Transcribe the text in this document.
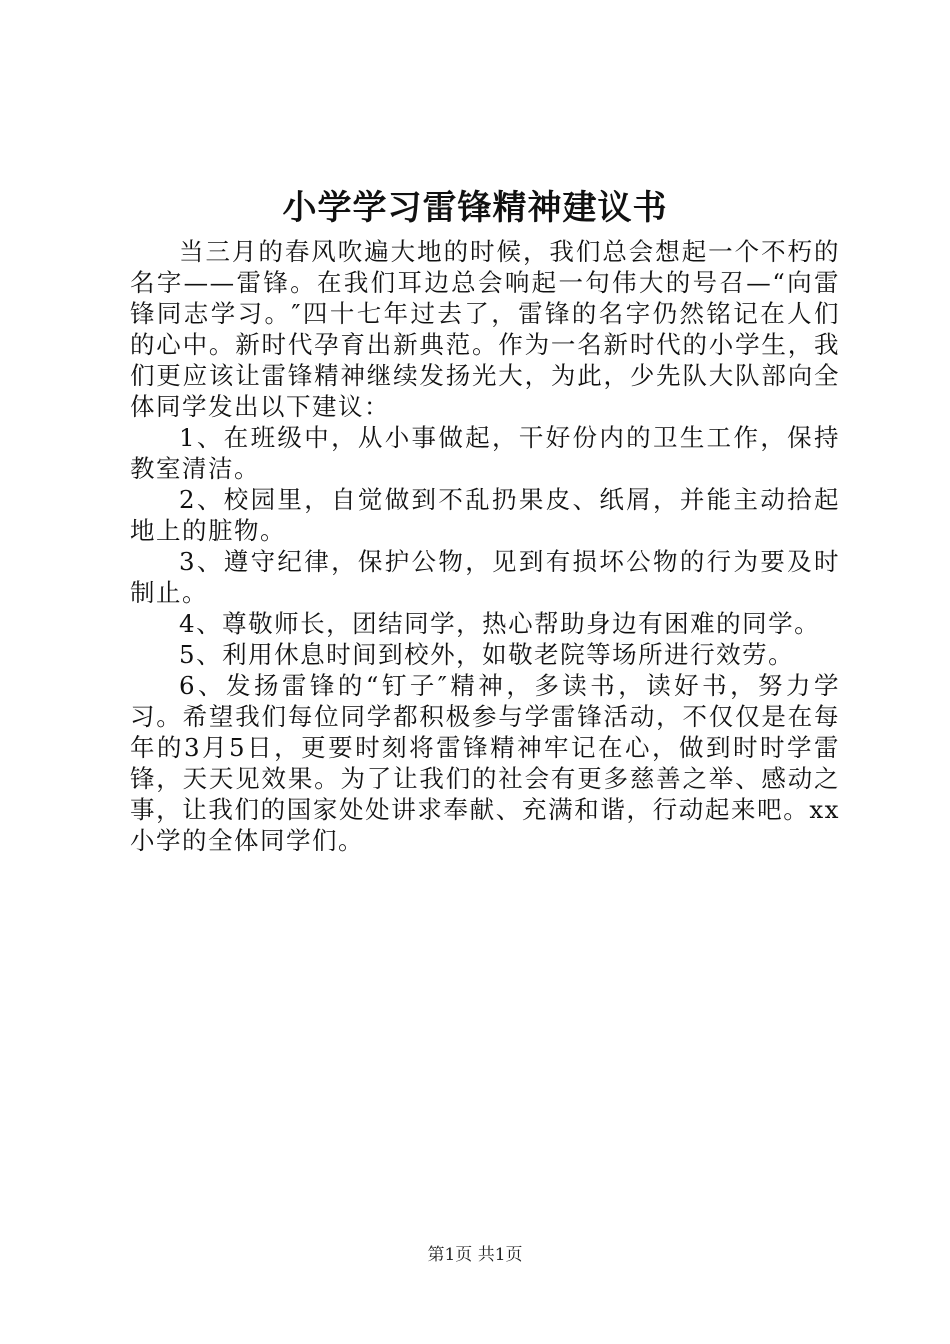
小学学习雷锋精神建议书

当三月的春风吹遍大地的时候，我们总会想起一个不朽的名字——雷锋。在我们耳边总会响起一句伟大的号召—“向雷锋同志学习。″四十七年过去了，雷锋的名字仍然铭记在人们的心中。新时代孕育出新典范。作为一名新时代的小学生，我们更应该让雷锋精神继续发扬光大，为此，少先队大队部向全体同学发出以下建议：

1、在班级中，从小事做起，干好份内的卫生工作，保持教室清洁。

2、校园里，自觉做到不乱扔果皮、纸屑，并能主动拾起地上的脏物。

3、遵守纪律，保护公物，见到有损坏公物的行为要及时制止。

4、尊敬师长，团结同学，热心帮助身边有困难的同学。

5、利用休息时间到校外，如敬老院等场所进行效劳。

6、发扬雷锋的“钉子″精神，多读书，读好书，努力学习。希望我们每位同学都积极参与学雷锋活动，不仅仅是在每年的3月5日，更要时刻将雷锋精神牢记在心，做到时时学雷锋，天天见效果。为了让我们的社会有更多慈善之举、感动之事，让我们的国家处处讲求奉献、充满和谐，行动起来吧。xx小学的全体同学们。

第1页 共1页
